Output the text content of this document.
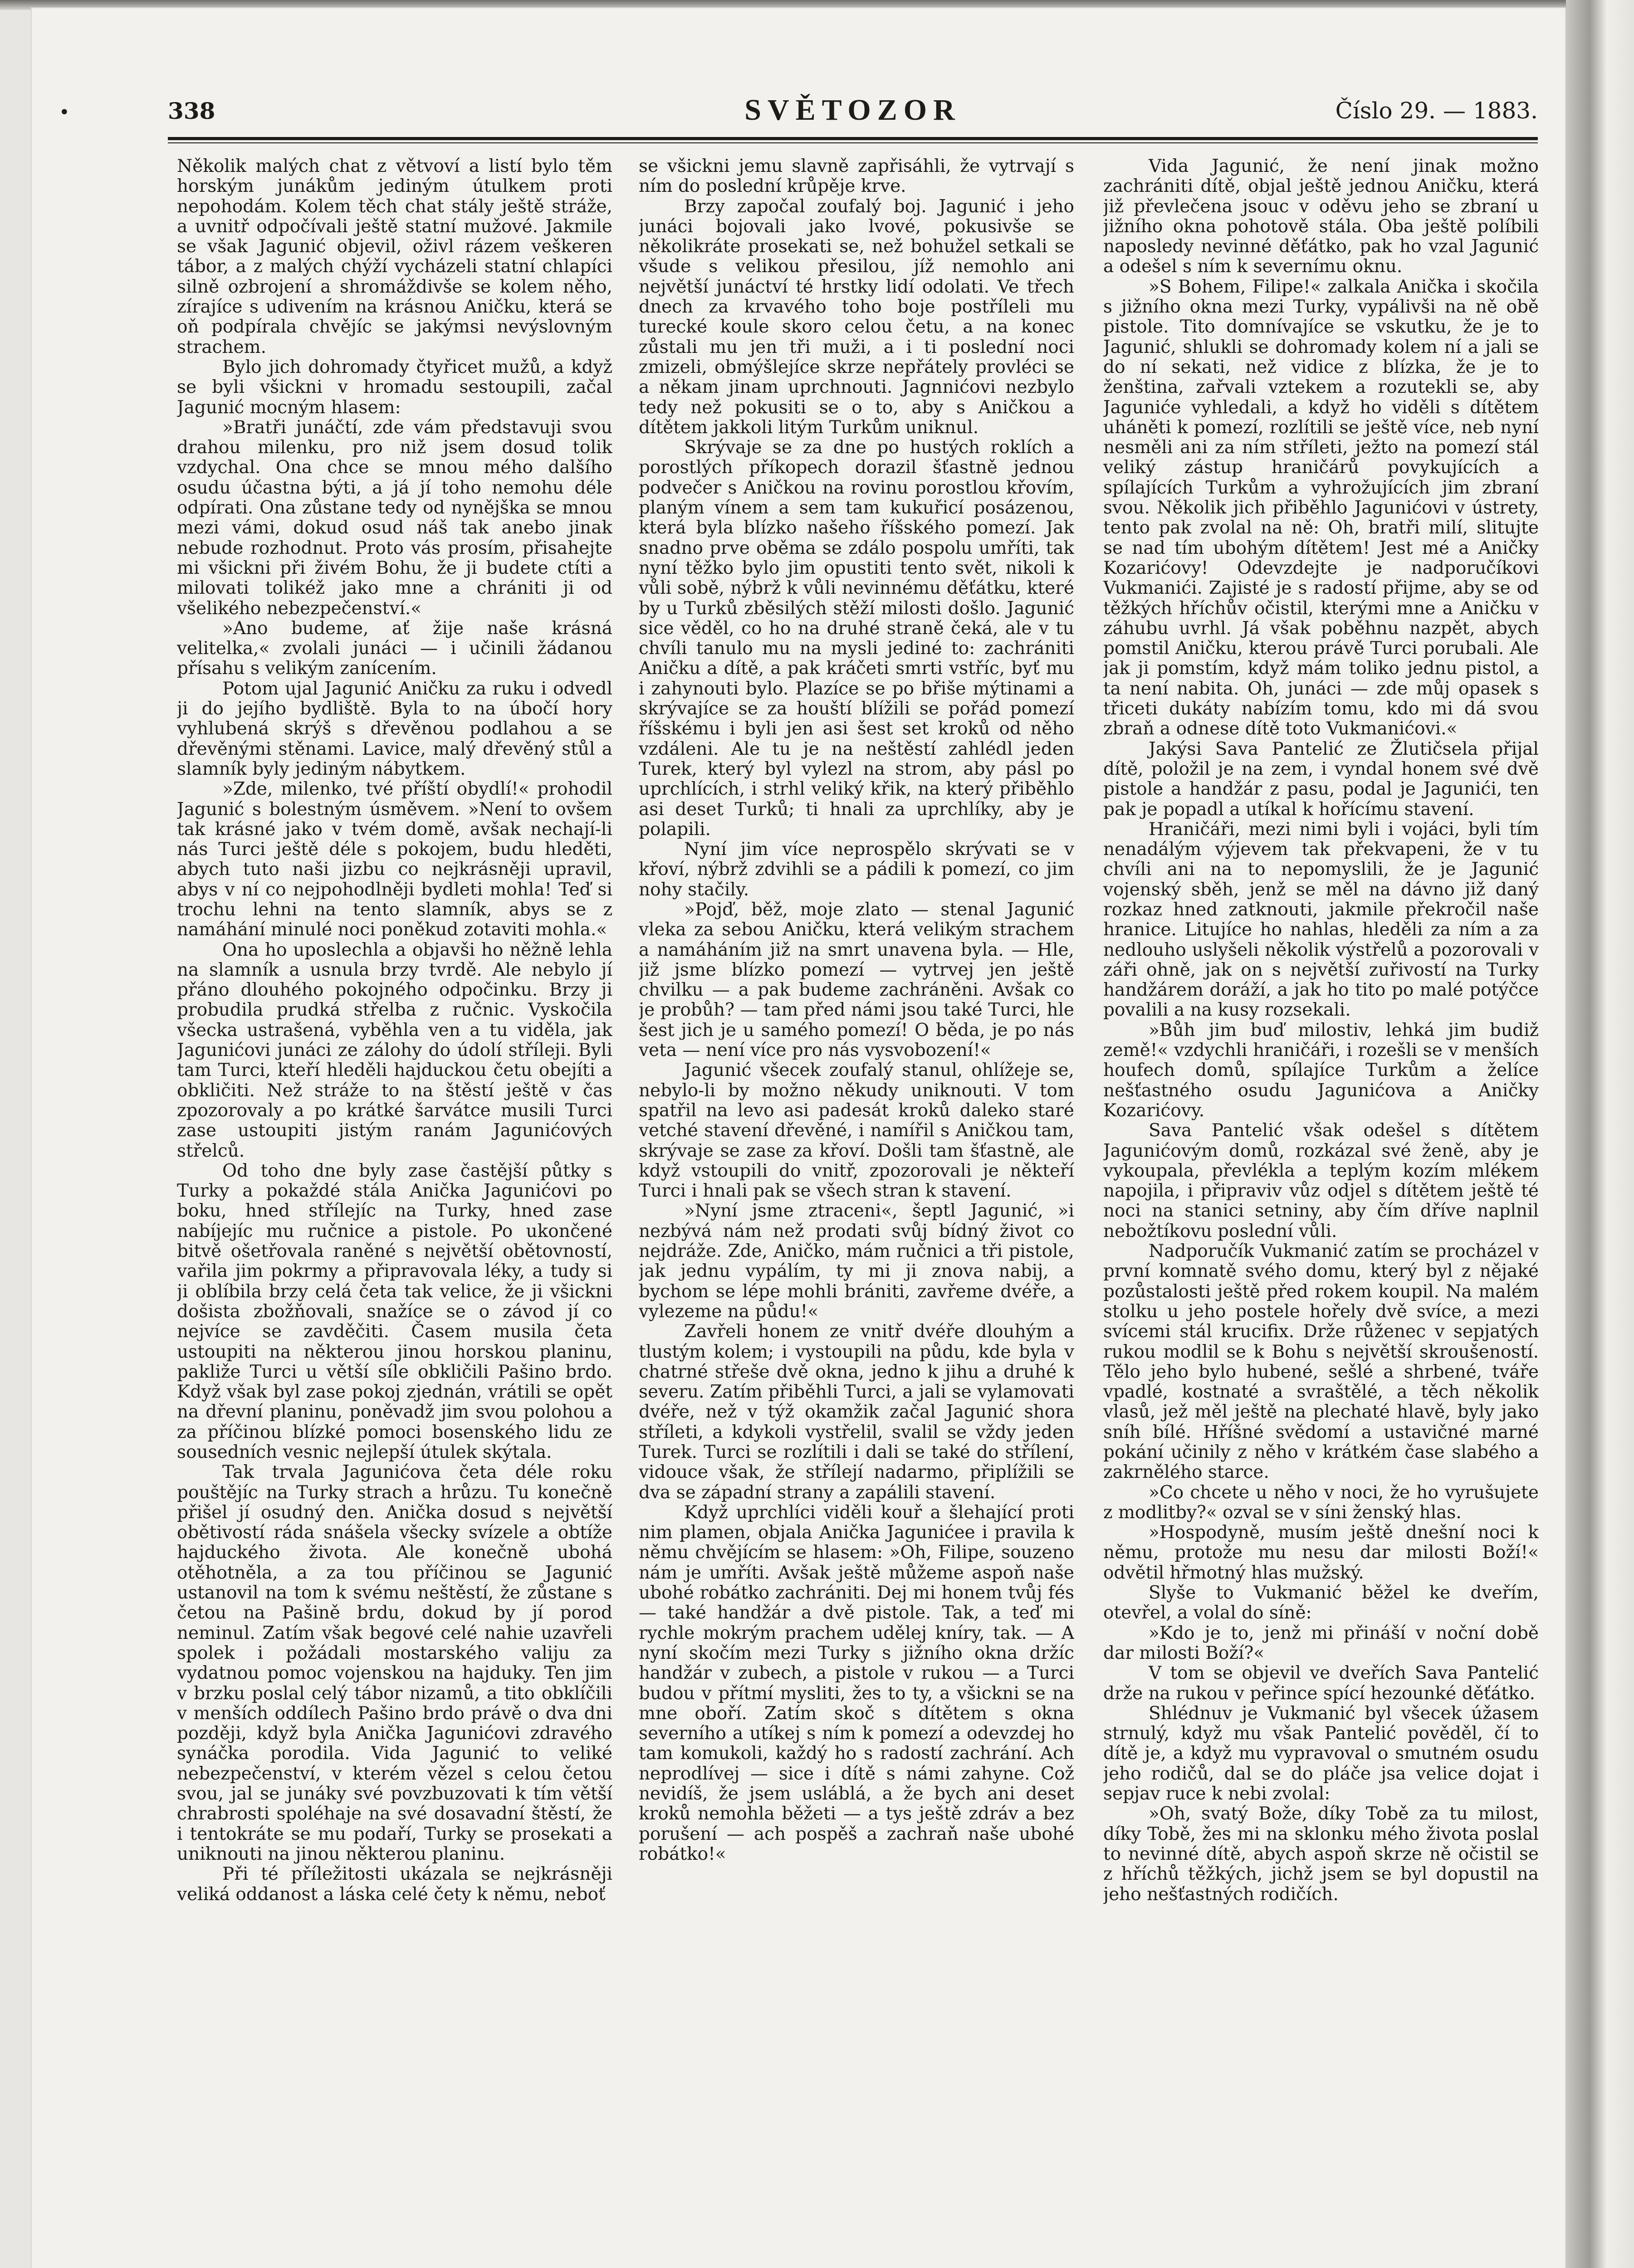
•	338	SVĚTOZOR	Číslo 29. — 1883.

Několik malých chat z větvoví a listí bylo těm horským junákům jediným útulkem proti nepohodám. Kolem těch chat stály ještě stráže, a uvnitř odpočívali ještě statní mužové. Jakmile se však Jagunić objevil, oživl rázem veškeren tábor, a z malých chýží vycházeli statní chlapíci silně ozbrojení a shromáždivše se kolem něho, zírajíce s udivením na krásnou Aničku, která se oň podpírala chvějíc se jakýmsi nevýslovným strachem.

Bylo jich dohromady čtyřicet mužů, a když se byli všickni v hromadu sestoupili, začal Jagunić mocným hlasem:

»Bratři junáčtí, zde vám představuji svou drahou milenku, pro niž jsem dosud tolik vzdychal. Ona chce se mnou mého dalšího osudu účastna býti, a já jí toho nemohu déle odpírati. Ona zůstane tedy od nynějška se mnou mezi vámi, dokud osud náš tak anebo jinak nebude rozhodnut. Proto vás prosím, přisahejte mi všickni při živém Bohu, že ji budete ctíti a milovati tolikéž jako mne a chrániti ji od všelikého nebezpečenství.«

»Ano budeme, ať žije naše krásná velitelka,« zvolali junáci — i učinili žádanou přísahu s velikým zanícením.

Potom ujal Jagunić Aničku za ruku i odvedl ji do jejího bydliště. Byla to na úbočí hory vyhlubená skrýš s dřevěnou podlahou a se dřevěnými stěnami. Lavice, malý dřevěný stůl a slamník byly jediným nábytkem.

»Zde, milenko, tvé příští obydlí!« prohodil Jagunić s bolestným úsměvem. »Není to ovšem tak krásné jako v tvém domě, avšak nechají-li nás Turci ještě déle s pokojem, budu hleděti, abych tuto naši jizbu co nejkrásněji upravil, abys v ní co nejpohodlněji bydleti mohla! Teď si trochu lehni na tento slamník, abys se z namáhání minulé noci poněkud zotaviti mohla.«

Ona ho uposlechla a objavši ho něžně lehla na slamník a usnula brzy tvrdě. Ale nebylo jí přáno dlouhého pokojného odpočinku. Brzy ji probudila prudká střelba z ručnic. Vyskočila všecka ustrašená, vyběhla ven a tu viděla, jak Jagunićovi junáci ze zálohy do údolí stříleji. Byli tam Turci, kteří hleděli hajduckou četu obejíti a obkličiti. Než stráže to na štěstí ještě v čas zpozorovaly a po krátké šarvátce musili Turci zase ustoupiti jistým ranám Jagunićových střelců.

Od toho dne byly zase častější půtky s Turky a pokaždé stála Anička Jagunićovi po boku, hned střílejíc na Turky, hned zase nabíjejíc mu ručnice a pistole. Po ukončené bitvě ošetřovala raněné s největší obětovností, vařila jim pokrmy a připravovala léky, a tudy si ji oblíbila brzy celá četa tak velice, že ji všickni došista zbožňovali, snažíce se o závod jí co nejvíce se zavděčiti. Časem musila četa ustoupiti na některou jinou horskou planinu, pakliže Turci u větší síle obkličili Pašino brdo. Když však byl zase pokoj zjednán, vrátili se opět na dřevní planinu, poněvadž jim svou polohou a za příčinou blízké pomoci bosenského lidu ze sousedních vesnic nejlepší útulek skýtala.

Tak trvala Jagunićova četa déle roku pouštějíc na Turky strach a hrůzu. Tu konečně přišel jí osudný den. Anička dosud s největší obětivostí ráda snášela všecky svízele a obtíže hajduckého života. Ale konečně ubohá otěhotněla, a za tou příčinou se Jagunić ustanovil na tom k svému neštěstí, že zůstane s četou na Pašině brdu, dokud by jí porod neminul. Zatím však begové celé nahie uzavřeli spolek i požádali mostarského valiju za vydatnou pomoc vojenskou na hajduky. Ten jim v brzku poslal celý tábor nizamů, a tito obklíčili v menších oddílech Pašino brdo právě o dva dni později, když byla Anička Jagunićovi zdravého synáčka porodila. Vida Jagunić to veliké nebezpečenství, v kterém vězel s celou četou svou, jal se junáky své povzbuzovati k tím větší chrabrosti spoléhaje na své dosavadní štěstí, že i tentokráte se mu podaří, Turky se prosekati a uniknouti na jinou některou planinu.

Při té příležitosti ukázala se nejkrásněji veliká oddanost a láska celé čety k němu, neboť

se všickni jemu slavně zapřisáhli, že vytrvají s ním do poslední krůpěje krve.

Brzy započal zoufalý boj. Jagunić i jeho junáci bojovali jako lvové, pokusivše se několikráte prosekati se, než bohužel setkali se všude s velikou přesilou, jíž nemohlo ani největší junáctví té hrstky lidí odolati. Ve třech dnech za krvavého toho boje postříleli mu turecké koule skoro celou četu, a na konec zůstali mu jen tři muži, a i ti poslední noci zmizeli, obmýšlejíce skrze nepřátely provléci se a někam jinam uprchnouti. Jagnnićovi nezbylo tedy než pokusiti se o to, aby s Aničkou a dítětem jakkoli litým Turkům uniknul.

Skrývaje se za dne po hustých roklích a porostlých příkopech dorazil šťastně jednou podvečer s Aničkou na rovinu porostlou křovím, planým vínem a sem tam kukuřicí posázenou, která byla blízko našeho říšského pomezí. Jak snadno prve oběma se zdálo pospolu umříti, tak nyní těžko bylo jim opustiti tento svět, nikoli k vůli sobě, nýbrž k vůli nevinnému děťátku, které by u Turků zběsilých stěží milosti došlo. Jagunić sice věděl, co ho na druhé straně čeká, ale v tu chvíli tanulo mu na mysli jediné to: zachrániti Aničku a dítě, a pak kráčeti smrti vstříc, byť mu i zahynouti bylo. Plazíce se po břiše mýtinami a skrývajíce se za houští blížili se pořád pomezí říšskému i byli jen asi šest set kroků od něho vzdáleni. Ale tu je na neštěstí zahlédl jeden Turek, který byl vylezl na strom, aby pásl po uprchlících, i strhl veliký křik, na který přiběhlo asi deset Turků; ti hnali za uprchlíky, aby je polapili.

Nyní jim více neprospělo skrývati se v křoví, nýbrž zdvihli se a pádili k pomezí, co jim nohy stačily.

»Pojď, běž, moje zlato — stenal Jagunić vleka za sebou Aničku, která velikým strachem a namáháním již na smrt unavena byla. — Hle, již jsme blízko pomezí — vytrvej jen ještě chvilku — a pak budeme zachráněni. Avšak co je probůh? — tam před námi jsou také Turci, hle šest jich je u samého pomezí! O běda, je po nás veta — není více pro nás vysvobození!«

Jagunić všecek zoufalý stanul, ohlížeje se, nebylo-li by možno někudy uniknouti. V tom spatřil na levo asi padesát kroků daleko staré vetché stavení dřevěné, i namířil s Aničkou tam, skrývaje se zase za křoví. Došli tam šťastně, ale když vstoupili do vnitř, zpozorovali je někteří Turci i hnali pak se všech stran k stavení.

»Nyní jsme ztraceni«, šeptl Jagunić, »i nezbývá nám než prodati svůj bídný život co nejdráže. Zde, Aničko, mám ručnici a tři pistole, jak jednu vypálím, ty mi ji znova nabij, a bychom se lépe mohli brániti, zavřeme dvéře, a vylezeme na půdu!«

Zavřeli honem ze vnitř dvéře dlouhým a tlustým kolem; i vystoupili na půdu, kde byla v chatrné střeše dvě okna, jedno k jihu a druhé k severu. Zatím přiběhli Turci, a jali se vylamovati dvéře, než v týž okamžik začal Jagunić shora stříleti, a kdykoli vystřelil, svalil se vždy jeden Turek. Turci se rozlítili i dali se také do střílení, vidouce však, že střílejí nadarmo, připlížili se dva se západní strany a zapálili stavení.

Když uprchlíci viděli kouř a šlehající proti nim plamen, objala Anička Jagunićeе i pravila k němu chvějícím se hlasem: »Oh, Filipe, souzeno nám je umříti. Avšak ještě můžeme aspoň naše ubohé robátko zachrániti. Dej mi honem tvůj fés — také handžár a dvě pistole. Tak, a teď mi rychle mokrým prachem udělej kníry, tak. — A nyní skočím mezi Turky s jižního okna držíc handžár v zubech, a pistole v rukou — a Turci budou v přítmí mysliti, žes to ty, a všickni se na mne oboří. Zatím skoč s dítětem s okna severního a utíkej s ním k pomezí a odevzdej ho tam komukoli, každý ho s radostí zachrání. Ach neprodlívej — sice i dítě s námi zahyne. Což nevidíš, že jsem usláblá, a že bych ani deset kroků nemohla běžeti — a tys ještě zdráv a bez porušení — ach pospěš a zachraň naše ubohé robátko!«

Vida Jagunić, že není jinak možno zachrániti dítě, objal ještě jednou Aničku, která již převlečena jsouc v oděvu jeho se zbraní u jižního okna pohotově stála. Oba ještě políbili naposledy nevinné děťátko, pak ho vzal Jagunić a odešel s ním k severnímu oknu.

»S Bohem, Filipe!« zalkala Anička i skočila s jižního okna mezi Turky, vypálivši na ně obě pistole. Tito domnívajíce se vskutku, že je to Jagunić, shlukli se dohromady kolem ní a jali se do ní sekati, než vidice z blízka, že je to ženština, zařvali vztekem a rozutekli se, aby Jagunićе vyhledali, a když ho viděli s dítětem uháněti k pomezí, rozlítili se ještě více, neb nyní nesměli ani za ním stříleti, ježto na pomezí stál veliký zástup hraničárů povykujících a spílajících Turkům a vyhrožujících jim zbraní svou. Několik jich přiběhlo Jagunićovi v ústrety, tento pak zvolal na ně: Oh, bratři milí, slitujte se nad tím ubohým dítětem! Jest mé a Aničky Kozarićovy! Odevzdejte je nadporučíkovi Vukmanići. Zajisté je s radostí přijme, aby se od těžkých hříchův očistil, kterými mne a Aničku v záhubu uvrhl. Já však poběhnu nazpět, abych pomstil Aničku, kterou právě Turci porubali. Ale jak ji pomstím, když mám toliko jednu pistol, a ta není nabita. Oh, junáci — zde můj opasek s třiceti dukáty nabízím tomu, kdo mi dá svou zbraň a odnese dítě toto Vukmanićovi.«

Jakýsi Sava Pantelić ze Žlutičsela přijal dítě, položil je na zem, i vyndal honem své dvě pistole a handžár z pasu, podal je Jagunići, ten pak je popadl a utíkal k hořícímu stavení.

Hraničáři, mezi nimi byli i vojáci, byli tím nenadálým výjevem tak překvapeni, že v tu chvíli ani na to nepomyslili, že je Jagunić vojenský sběh, jenž se měl na dávno již daný rozkaz hned zatknouti, jakmile překročil naše hranice. Litujíce ho nahlas, hleděli za ním a za nedlouho uslyšeli několik výstřelů a pozorovali v záři ohně, jak on s největší zuřivostí na Turky handžárem doráží, a jak ho tito po malé potýčce povalili a na kusy rozsekali.

»Bůh jim buď milostiv, lehká jim budiž země!« vzdychli hraničáři, i rozešli se v menších houfech domů, spílajíce Turkům a želíce nešťastného osudu Jagunićova a Aničky Kozarićovy.

Sava Pantelić však odešel s dítětem Jagunićovým domů, rozkázal své ženě, aby je vykoupala, převlékla a teplým kozím mlékem napojila, i připraviv vůz odjel s dítětem ještě té noci na stanici setniny, aby čím dříve naplnil nebožtíkovu poslední vůli.

Nadporučík Vukmanić zatím se procházel v první komnatě svého domu, který byl z nějaké pozůstalosti ještě před rokem koupil. Na malém stolku u jeho postele hořely dvě svíce, a mezi svícemi stál krucifix. Drže růženec v sepjatých rukou modlil se k Bohu s největší skroušeností. Tělo jeho bylo hubené, sešlé a shrbené, tváře vpadlé, kostnaté a svraštělé, a těch několik vlasů, jež měl ještě na plechaté hlavě, byly jako sníh bílé. Hříšné svědomí a ustavičné marné pokání učinily z něho v krátkém čase slabého a zakrnělého starce.

»Co chcete u něho v noci, že ho vyrušujete z modlitby?« ozval se v síni ženský hlas.

»Hospodyně, musím ještě dnešní noci k němu, protože mu nesu dar milosti Boží!« odvětil hřmotný hlas mužský.

Slyše to Vukmanić běžel ke dveřím, otevřel, a volal do síně:

»Kdo je to, jenž mi přináší v noční době dar milosti Boží?«

V tom se objevil ve dveřích Sava Pantelić drže na rukou v peřince spící hezounké děťátko.

Shlédnuv je Vukmanić byl všecek úžasem strnulý, když mu však Pantelić pověděl, čí to dítě je, a když mu vypravoval o smutném osudu jeho rodičů, dal se do pláče jsa velice dojat i sepjav ruce k nebi zvolal:

»Oh, svatý Bože, díky Tobě za tu milost, díky Tobě, žes mi na sklonku mého života poslal to nevinné dítě, abych aspoň skrze ně očistil se z hříchů těžkých, jichž jsem se byl dopustil na jeho nešťastných rodičích.
